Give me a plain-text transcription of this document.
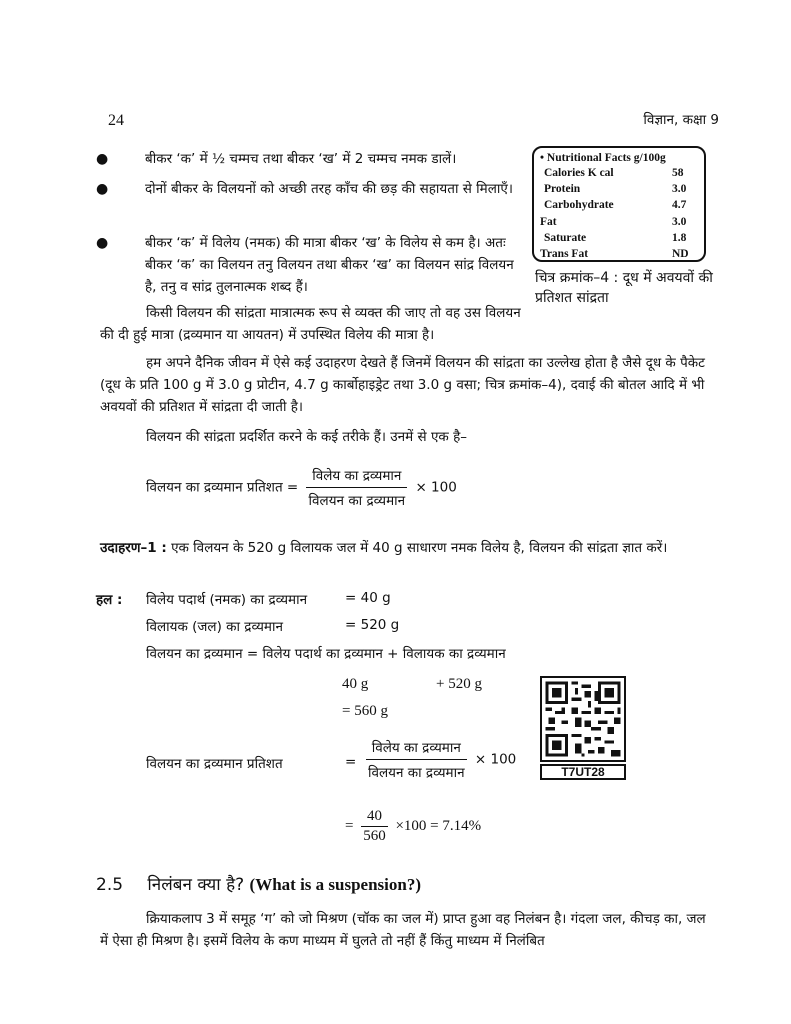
24	विज्ञान, कक्षा 9
●	बीकर ‘क’ में ½ चम्मच तथा बीकर ‘ख’ में 2 चम्मच नमक डालें।
●	दोनों बीकर के विलयनों को अच्छी तरह काँच की छड़ की सहायता से मिलाएँ।
●	बीकर ‘क’ में विलेय (नमक) की मात्रा बीकर ‘ख’ के विलेय से कम है। अतः बीकर ‘क’ का विलयन तनु विलयन तथा बीकर ‘ख’ का विलयन सांद्र विलयन है, तनु व सांद्र तुलनात्मक शब्द हैं।
• Nutritional Facts g/100g
Calories K cal	58
Protein	3.0
Carbohydrate	4.7
Fat	3.0
Saturate	1.8
Trans Fat	ND
चित्र क्रमांक–4 : दूध में अवयवों की प्रतिशत सांद्रता
किसी विलयन की सांद्रता मात्रात्मक रूप से व्यक्त की जाए तो वह उस विलयन की दी हुई मात्रा (द्रव्यमान या आयतन) में उपस्थित विलेय की मात्रा है।
हम अपने दैनिक जीवन में ऐसे कई उदाहरण देखते हैं जिनमें विलयन की सांद्रता का उल्लेख होता है जैसे दूध के पैकेट (दूध के प्रति 100 g में 3.0 g प्रोटीन, 4.7 g कार्बोहाइड्रेट तथा 3.0 g वसा; चित्र क्रमांक–4), दवाई की बोतल आदि में भी अवयवों की प्रतिशत में सांद्रता दी जाती है।
विलयन की सांद्रता प्रदर्शित करने के कई तरीके हैं। उनमें से एक है–
विलयन का द्रव्यमान प्रतिशत = $\frac{\text{विलेय का द्रव्यमान}}{\text{विलयन का द्रव्यमान}} \times 100$
उदाहरण–1 : एक विलयन के 520 g विलायक जल में 40 g साधारण नमक विलेय है, विलयन की सांद्रता ज्ञात करें।
हल : विलेय पदार्थ (नमक) का द्रव्यमान	= 40 g
विलायक (जल) का द्रव्यमान	= 520 g
विलयन का द्रव्यमान = विलेय पदार्थ का द्रव्यमान + विलायक का द्रव्यमान
40 g	+ 520 g
= 560 g
विलयन का द्रव्यमान प्रतिशत	= $\frac{\text{विलेय का द्रव्यमान}}{\text{विलयन का द्रव्यमान}} \times 100$
= $\frac{40}{560} \times 100 = 7.14\%$
T7UT28
2.5 निलंबन क्या है? (What is a suspension?)
क्रियाकलाप 3 में समूह ‘ग’ को जो मिश्रण (चॉक का जल में) प्राप्त हुआ वह निलंबन है। गंदला जल, कीचड़ का, जल में ऐसा ही मिश्रण है। इसमें विलेय के कण माध्यम में घुलते तो नहीं हैं किंतु माध्यम में निलंबित
